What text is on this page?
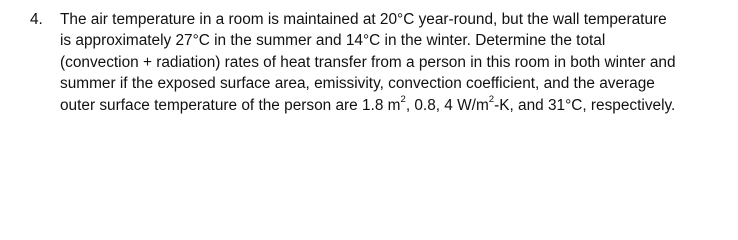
4. The air temperature in a room is maintained at 20°C year-round, but the wall temperature
is approximately 27°C in the summer and 14°C in the winter. Determine the total
(convection + radiation) rates of heat transfer from a person in this room in both winter and
summer if the exposed surface area, emissivity, convection coefficient, and the average
outer surface temperature of the person are 1.8 $m^2$, 0.8, 4 $W/m^2-K$, and 31°C, respectively.
